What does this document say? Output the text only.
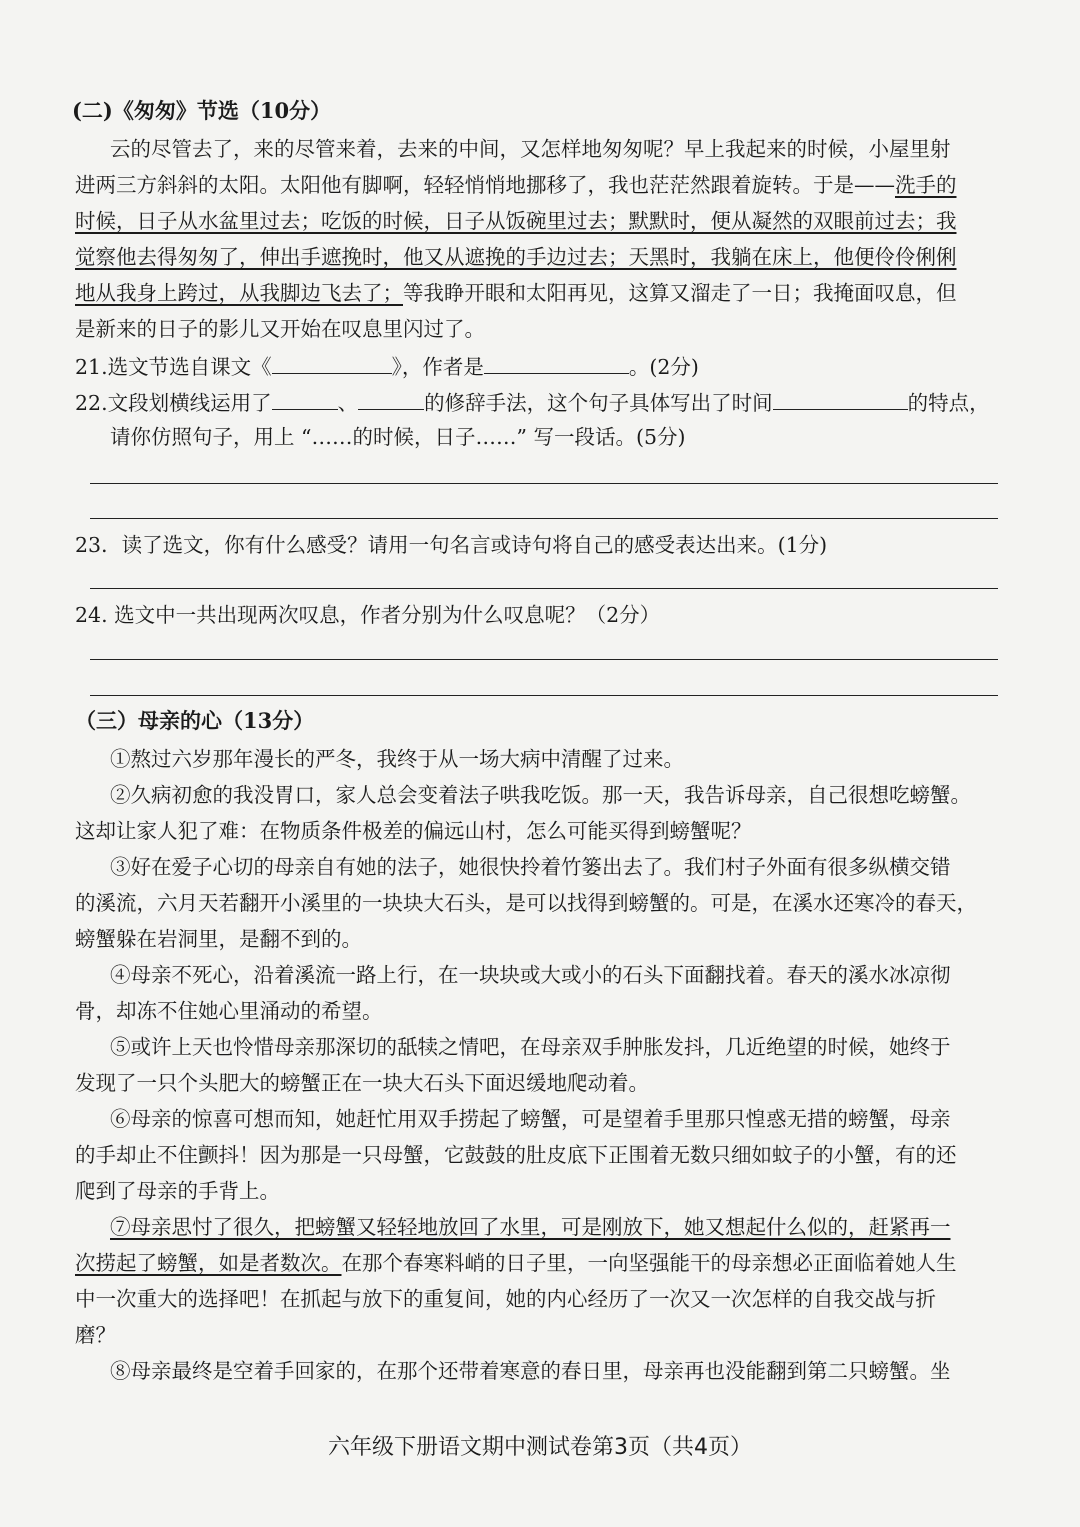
(二)《匆匆》节选（10分）
云的尽管去了，来的尽管来着，去来的中间，又怎样地匆匆呢？早上我起来的时候，小屋里射
进两三方斜斜的太阳。太阳他有脚啊，轻轻悄悄地挪移了，我也茫茫然跟着旋转。于是——洗手的
时候，日子从水盆里过去；吃饭的时候，日子从饭碗里过去；默默时，便从凝然的双眼前过去；我
觉察他去得匆匆了，伸出手遮挽时，他又从遮挽的手边过去；天黑时，我躺在床上，他便伶伶俐俐
地从我身上跨过，从我脚边飞去了；等我睁开眼和太阳再见，这算又溜走了一日；我掩面叹息，但
是新来的日子的影儿又开始在叹息里闪过了。
21.选文节选自课文《	》，作者是	。(2分)
22.文段划横线运用了	、	的修辞手法，这个句子具体写出了时间	的特点，
请你仿照句子，用上 “……的时候，日子……” 写一段话。(5分)
23．读了选文，你有什么感受？请用一句名言或诗句将自己的感受表达出来。(1分)
24. 选文中一共出现两次叹息，作者分别为什么叹息呢？（2分）
（三）母亲的心（13分）
①熬过六岁那年漫长的严冬，我终于从一场大病中清醒了过来。
②久病初愈的我没胃口，家人总会变着法子哄我吃饭。那一天，我告诉母亲，自己很想吃螃蟹。
这却让家人犯了难：在物质条件极差的偏远山村，怎么可能买得到螃蟹呢？
③好在爱子心切的母亲自有她的法子，她很快拎着竹篓出去了。我们村子外面有很多纵横交错
的溪流，六月天若翻开小溪里的一块块大石头，是可以找得到螃蟹的。可是，在溪水还寒冷的春天，
螃蟹躲在岩洞里，是翻不到的。
④母亲不死心，沿着溪流一路上行，在一块块或大或小的石头下面翻找着。春天的溪水冰凉彻
骨，却冻不住她心里涌动的希望。
⑤或许上天也怜惜母亲那深切的舐犊之情吧，在母亲双手肿胀发抖，几近绝望的时候，她终于
发现了一只个头肥大的螃蟹正在一块大石头下面迟缓地爬动着。
⑥母亲的惊喜可想而知，她赶忙用双手捞起了螃蟹，可是望着手里那只惶惑无措的螃蟹，母亲
的手却止不住颤抖！因为那是一只母蟹，它鼓鼓的肚皮底下正围着无数只细如蚊子的小蟹，有的还
爬到了母亲的手背上。
⑦母亲思忖了很久，把螃蟹又轻轻地放回了水里，可是刚放下，她又想起什么似的，赶紧再一
次捞起了螃蟹，如是者数次。在那个春寒料峭的日子里，一向坚强能干的母亲想必正面临着她人生
中一次重大的选择吧！在抓起与放下的重复间，她的内心经历了一次又一次怎样的自我交战与折
磨？
⑧母亲最终是空着手回家的，在那个还带着寒意的春日里，母亲再也没能翻到第二只螃蟹。坐
六年级下册语文期中测试卷第3页（共4页）
